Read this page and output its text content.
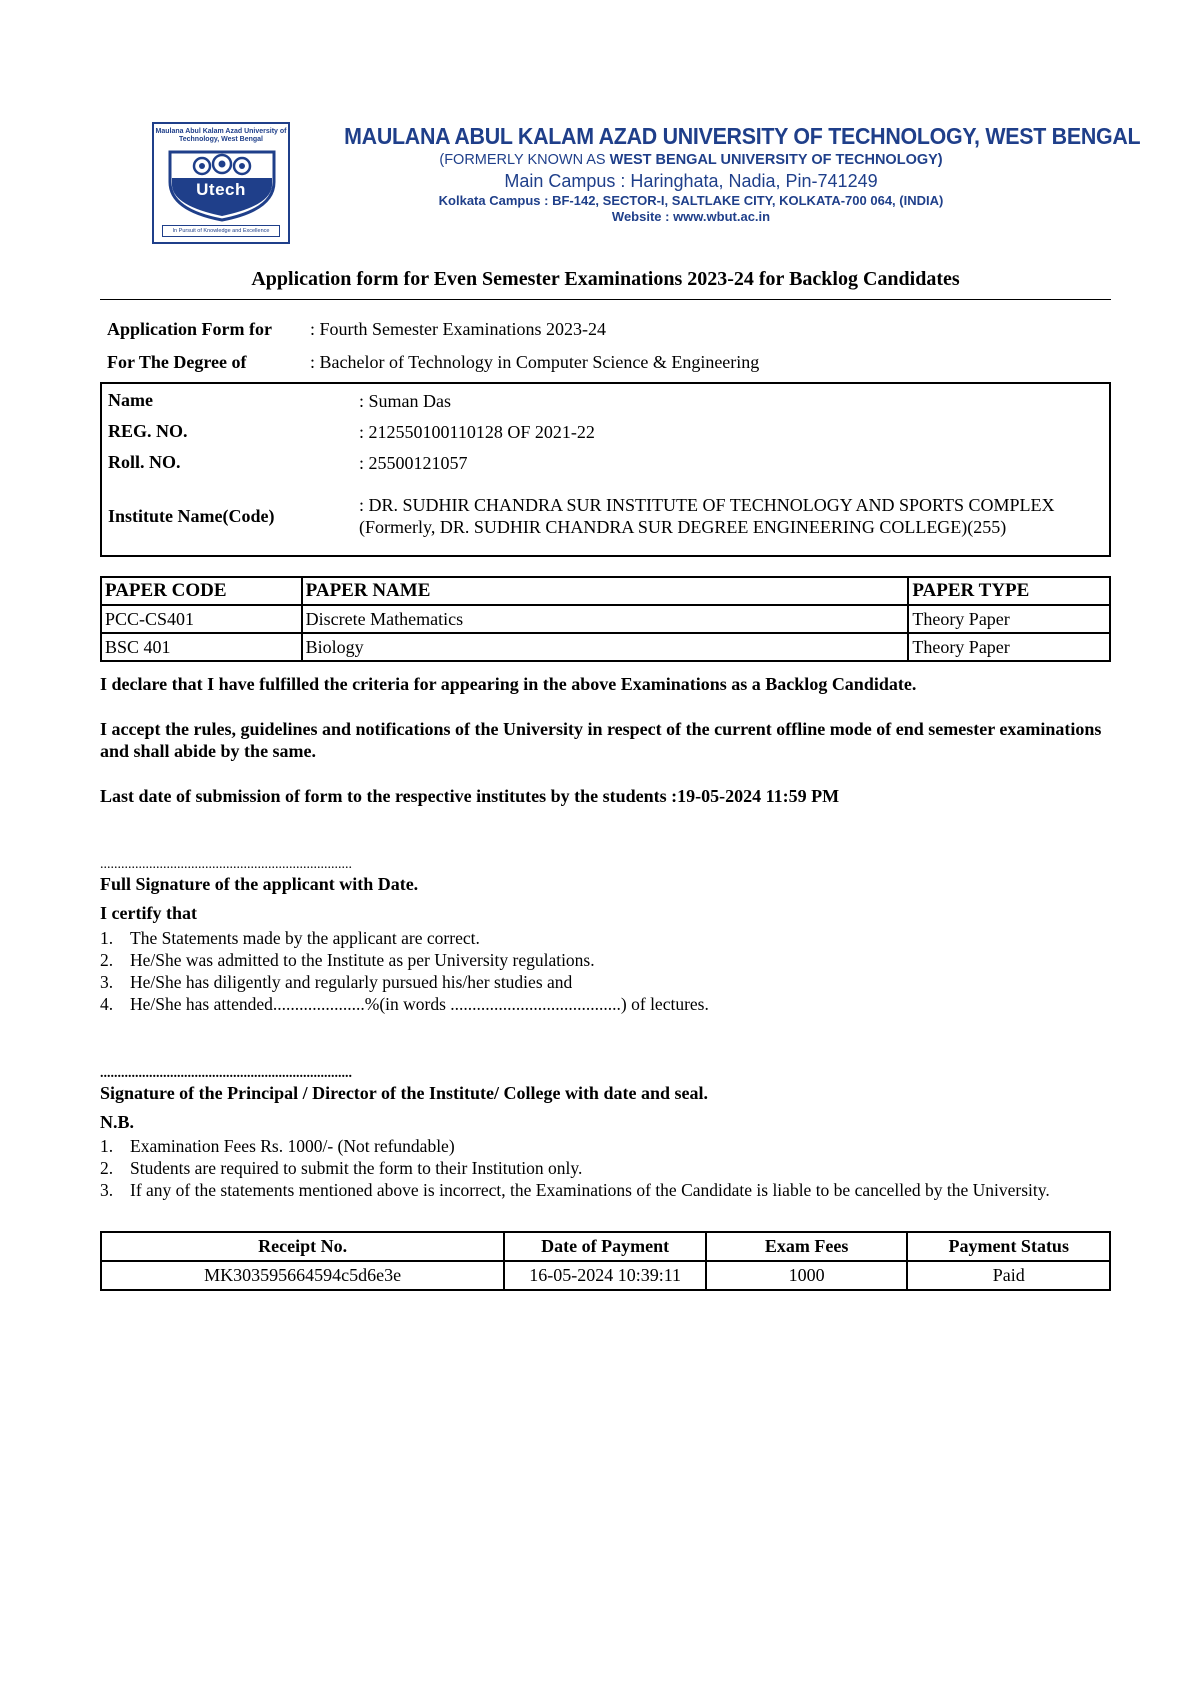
Maulana Abul Kalam Azad University of Technology, West Bengal
Utech
In Pursuit of Knowledge and Excellence
MAULANA ABUL KALAM AZAD UNIVERSITY OF TECHNOLOGY, WEST BENGAL
(FORMERLY KNOWN AS WEST BENGAL UNIVERSITY OF TECHNOLOGY)
Main Campus : Haringhata, Nadia, Pin-741249
Kolkata Campus : BF-142, SECTOR-I, SALTLAKE CITY, KOLKATA-700 064, (INDIA)
Website : www.wbut.ac.in
Application form for Even Semester Examinations 2023-24 for Backlog Candidates
Application Form for	: Fourth Semester Examinations 2023-24
For The Degree of	: Bachelor of Technology in Computer Science & Engineering
Name	: Suman Das
REG. NO.	: 212550100110128 OF 2021-22
Roll. NO.	: 25500121057
Institute Name(Code)
: DR. SUDHIR CHANDRA SUR INSTITUTE OF TECHNOLOGY AND SPORTS COMPLEX (Formerly, DR. SUDHIR CHANDRA SUR DEGREE ENGINEERING COLLEGE)(255)
PAPER CODE	PAPER NAME	PAPER TYPE
PCC-CS401	Discrete Mathematics	Theory Paper
BSC 401	Biology	Theory Paper
I declare that I have fulfilled the criteria for appearing in the above Examinations as a Backlog Candidate.
I accept the rules, guidelines and notifications of the University in respect of the current offline mode of end semester examinations and shall abide by the same.
Last date of submission of form to the respective institutes by the students :19-05-2024 11:59 PM
........................................................................
Full Signature of the applicant with Date.
I certify that
1. The Statements made by the applicant are correct.
2. He/She was admitted to the Institute as per University regulations.
3. He/She has diligently and regularly pursued his/her studies and
4. He/She has attended.....................%(in words .......................................) of lectures.
........................................................................
Signature of the Principal / Director of the Institute/ College with date and seal.
N.B.
1. Examination Fees Rs. 1000/- (Not refundable)
2. Students are required to submit the form to their Institution only.
3. If any of the statements mentioned above is incorrect, the Examinations of the Candidate is liable to be cancelled by the University.
Receipt No.	Date of Payment	Exam Fees	Payment Status
MK303595664594c5d6e3e	16-05-2024 10:39:11	1000	Paid
